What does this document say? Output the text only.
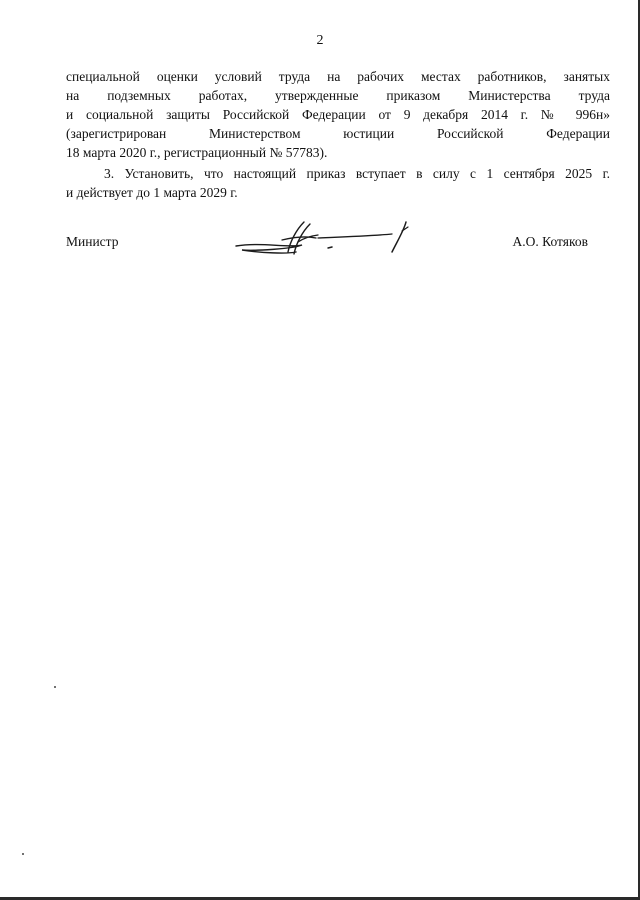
2
специальной оценки условий труда на рабочих местах работников, занятых
на подземных работах, утвержденные приказом Министерства труда
и социальной защиты Российской Федерации от 9 декабря 2014 г. № 996н»
(зарегистрирован Министерством юстиции Российской Федерации
18 марта 2020 г., регистрационный № 57783).
3. Установить, что настоящий приказ вступает в силу с 1 сентября 2025 г.
и действует до 1 марта 2029 г.
Министр	А.О. Котяков
